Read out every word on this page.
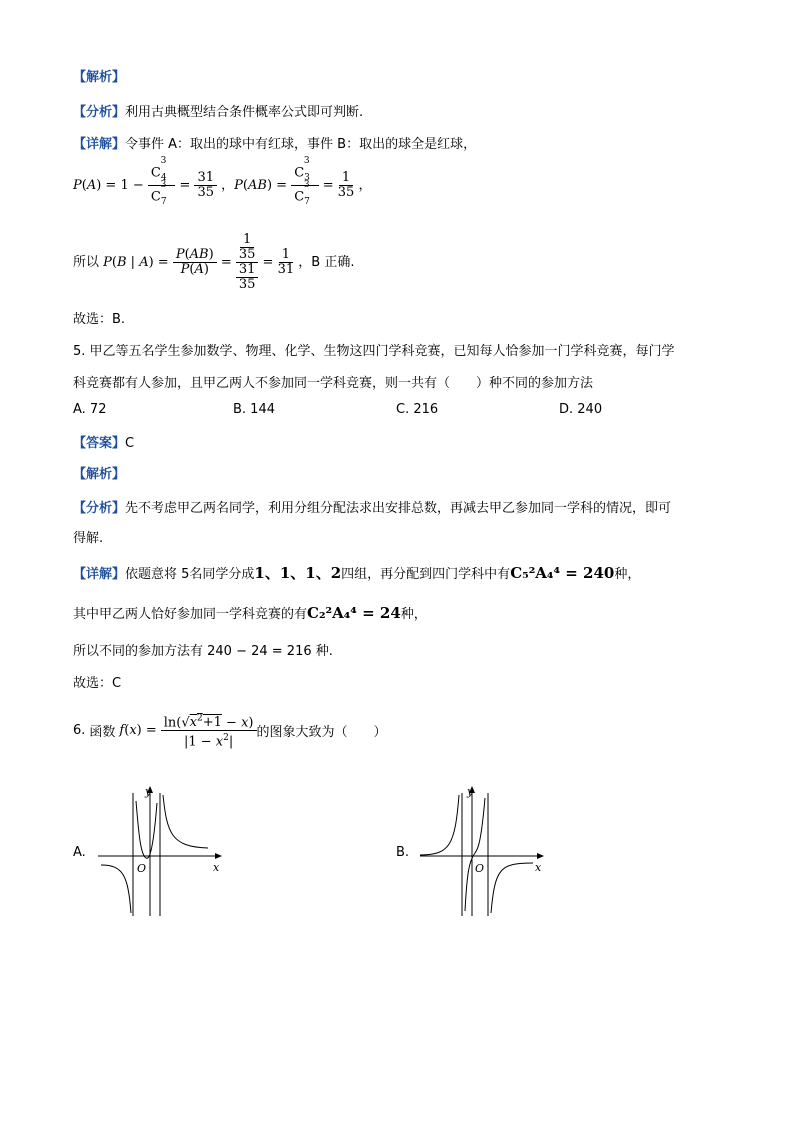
【解析】
【分析】利用古典概型结合条件概率公式即可判断.
【详解】令事件 A：取出的球中有红球，事件 B：取出的球全是红球，
$P(A) = 1 - \frac{C_4^3}{C_7^3} = \frac{31}{35}$ ，$P(AB) = \frac{C_3^3}{C_7^3} = \frac{1}{35}$ ，
所以 P(B | $A) = \frac{P(AB)}{P(A)} = \frac{\frac{1}{35}}{\frac{31}{35}} = \frac{1}{31}$ ，B 正确.
故选：B.
5. 甲乙等五名学生参加数学、物理、化学、生物这四门学科竞赛，已知每人恰参加一门学科竞赛，每门学
科竞赛都有人参加，且甲乙两人不参加同一学科竞赛，则一共有（　　）种不同的参加方法
A. 72	B. 144	C. 216	D. 240
【答案】C
【解析】
【分析】先不考虑甲乙两名同学，利用分组分配法求出安排总数，再减去甲乙参加同一学科的情况，即可
得解.
【详解】依题意将 5名同学分成1、1、1、2四组，再分配到四门学科中有C₅²A₄⁴ = 240种，
其中甲乙两人恰好参加同一学科竞赛的有C₂²A₄⁴ = 24种，
所以不同的参加方法有 240 − 24 = 216 种.
故选：C
6. 函数 f ( x ) =
$\ln(√x^2+1 - x)$
$|1 - x^2|$
的图象大致为（　　）
A.
y
x
O
B.
y
x
O
